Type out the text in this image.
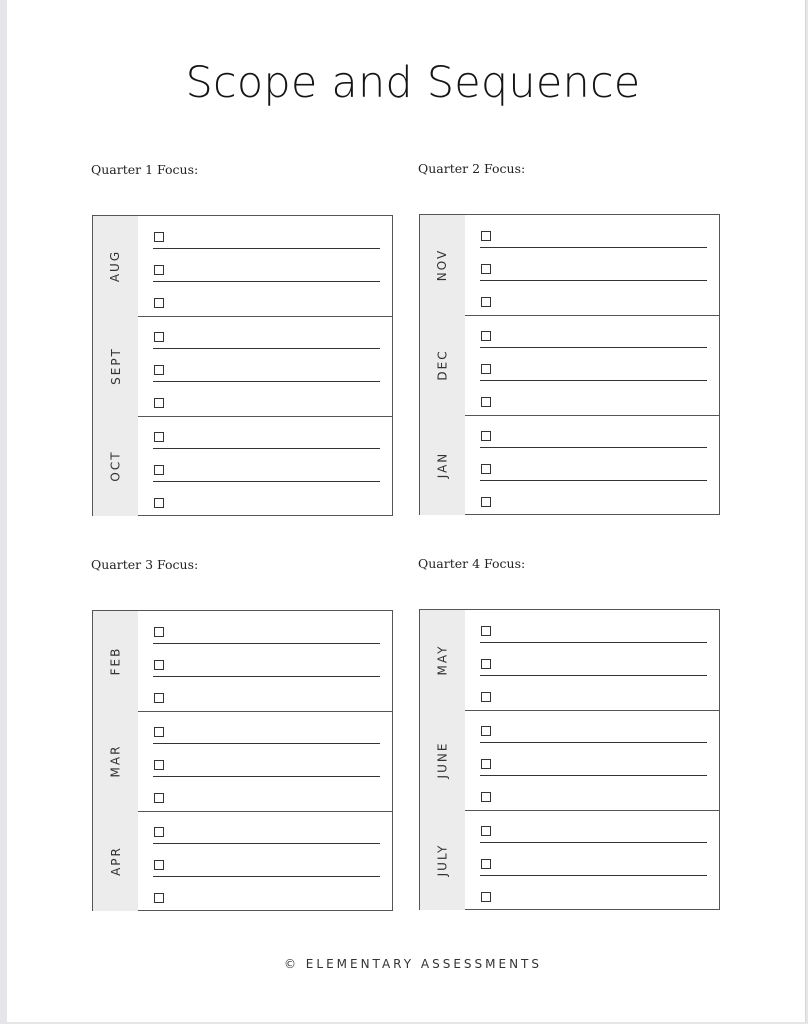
Scope and Sequence

Quarter 1 Focus:	Quarter 2 Focus:

Quarter 3 Focus:	Quarter 4 Focus:

AUG
SEPT
OCT
NOV
DEC
JAN
FEB
MAR
APR
MAY
JUNE
JULY

© ELEMENTARY ASSESSMENTS
